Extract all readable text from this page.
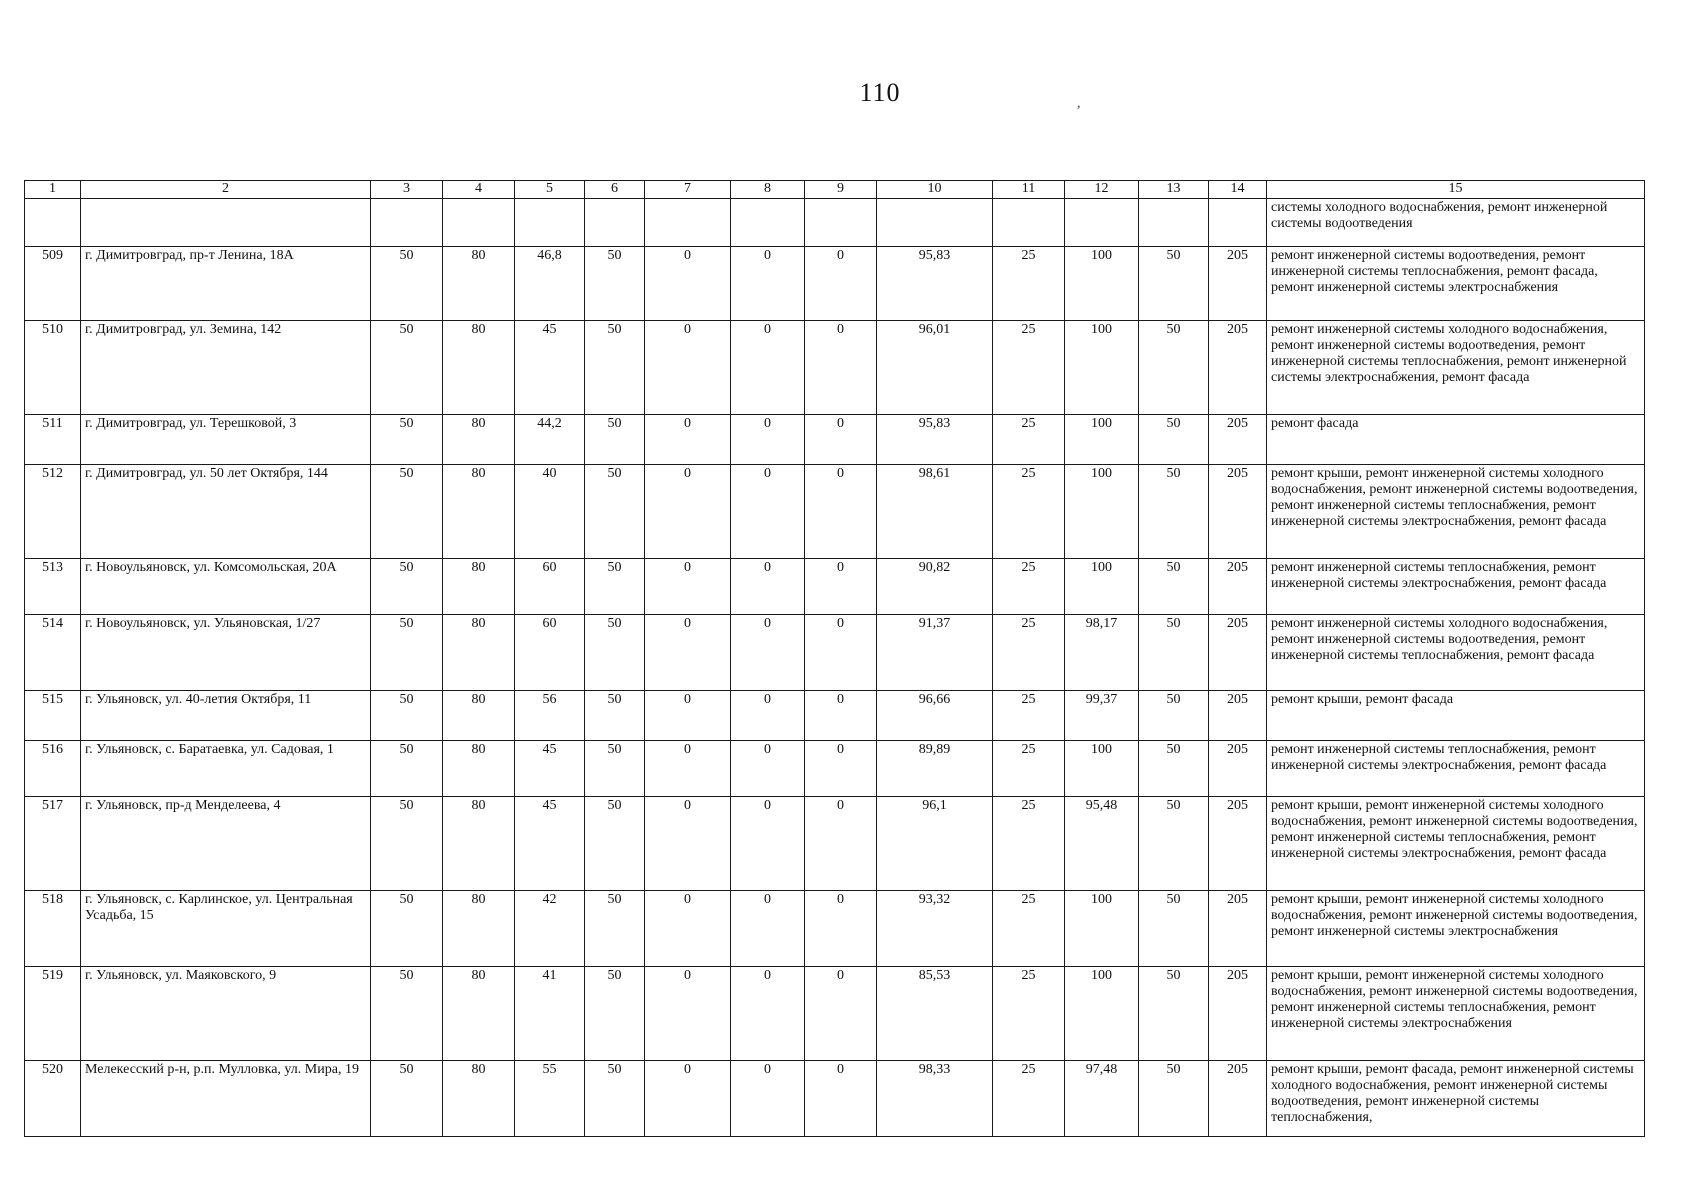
110	,
1	2	3	4	5	6	7	8	9	10	11	12	13	14	15
														системы холодного водоснабжения, ремонт инженерной системы водоотведения
509	г. Димитровград, пр-т Ленина, 18А	50	80	46,8	50	0	0	0	95,83	25	100	50	205	ремонт инженерной системы водоотведения, ремонт инженерной системы теплоснабжения, ремонт фасада, ремонт инженерной системы электроснабжения
510	г. Димитровград, ул. Земина, 142	50	80	45	50	0	0	0	96,01	25	100	50	205	ремонт инженерной системы холодного водоснабжения, ремонт инженерной системы водоотведения, ремонт инженерной системы теплоснабжения, ремонт инженерной системы электроснабжения, ремонт фасада
511	г. Димитровград, ул. Терешковой, 3	50	80	44,2	50	0	0	0	95,83	25	100	50	205	ремонт фасада
512	г. Димитровград, ул. 50 лет Октября, 144	50	80	40	50	0	0	0	98,61	25	100	50	205	ремонт крыши, ремонт инженерной системы холодного водоснабжения, ремонт инженерной системы водоотведения, ремонт инженерной системы теплоснабжения, ремонт инженерной системы электроснабжения, ремонт фасада
513	г. Новоульяновск, ул. Комсомольская, 20А	50	80	60	50	0	0	0	90,82	25	100	50	205	ремонт инженерной системы теплоснабжения, ремонт инженерной системы электроснабжения, ремонт фасада
514	г. Новоульяновск, ул. Ульяновская, 1/27	50	80	60	50	0	0	0	91,37	25	98,17	50	205	ремонт инженерной системы холодного водоснабжения, ремонт инженерной системы водоотведения, ремонт инженерной системы теплоснабжения, ремонт фасада
515	г. Ульяновск, ул. 40-летия Октября, 11	50	80	56	50	0	0	0	96,66	25	99,37	50	205	ремонт крыши, ремонт фасада
516	г. Ульяновск, с. Баратаевка, ул. Садовая, 1	50	80	45	50	0	0	0	89,89	25	100	50	205	ремонт инженерной системы теплоснабжения, ремонт инженерной системы электроснабжения, ремонт фасада
517	г. Ульяновск, пр-д Менделеева, 4	50	80	45	50	0	0	0	96,1	25	95,48	50	205	ремонт крыши, ремонт инженерной системы холодного водоснабжения, ремонт инженерной системы водоотведения, ремонт инженерной системы теплоснабжения, ремонт инженерной системы электроснабжения, ремонт фасада
518	г. Ульяновск, с. Карлинское, ул. Центральная Усадьба, 15	50	80	42	50	0	0	0	93,32	25	100	50	205	ремонт крыши, ремонт инженерной системы холодного водоснабжения, ремонт инженерной системы водоотведения, ремонт инженерной системы электроснабжения
519	г. Ульяновск, ул. Маяковского, 9	50	80	41	50	0	0	0	85,53	25	100	50	205	ремонт крыши, ремонт инженерной системы холодного водоснабжения, ремонт инженерной системы водоотведения, ремонт инженерной системы теплоснабжения, ремонт инженерной системы электроснабжения
520	Мелекесский р-н, р.п. Мулловка, ул. Мира, 19	50	80	55	50	0	0	0	98,33	25	97,48	50	205	ремонт крыши, ремонт фасада, ремонт инженерной системы холодного водоснабжения, ремонт инженерной системы водоотведения, ремонт инженерной системы теплоснабжения,
